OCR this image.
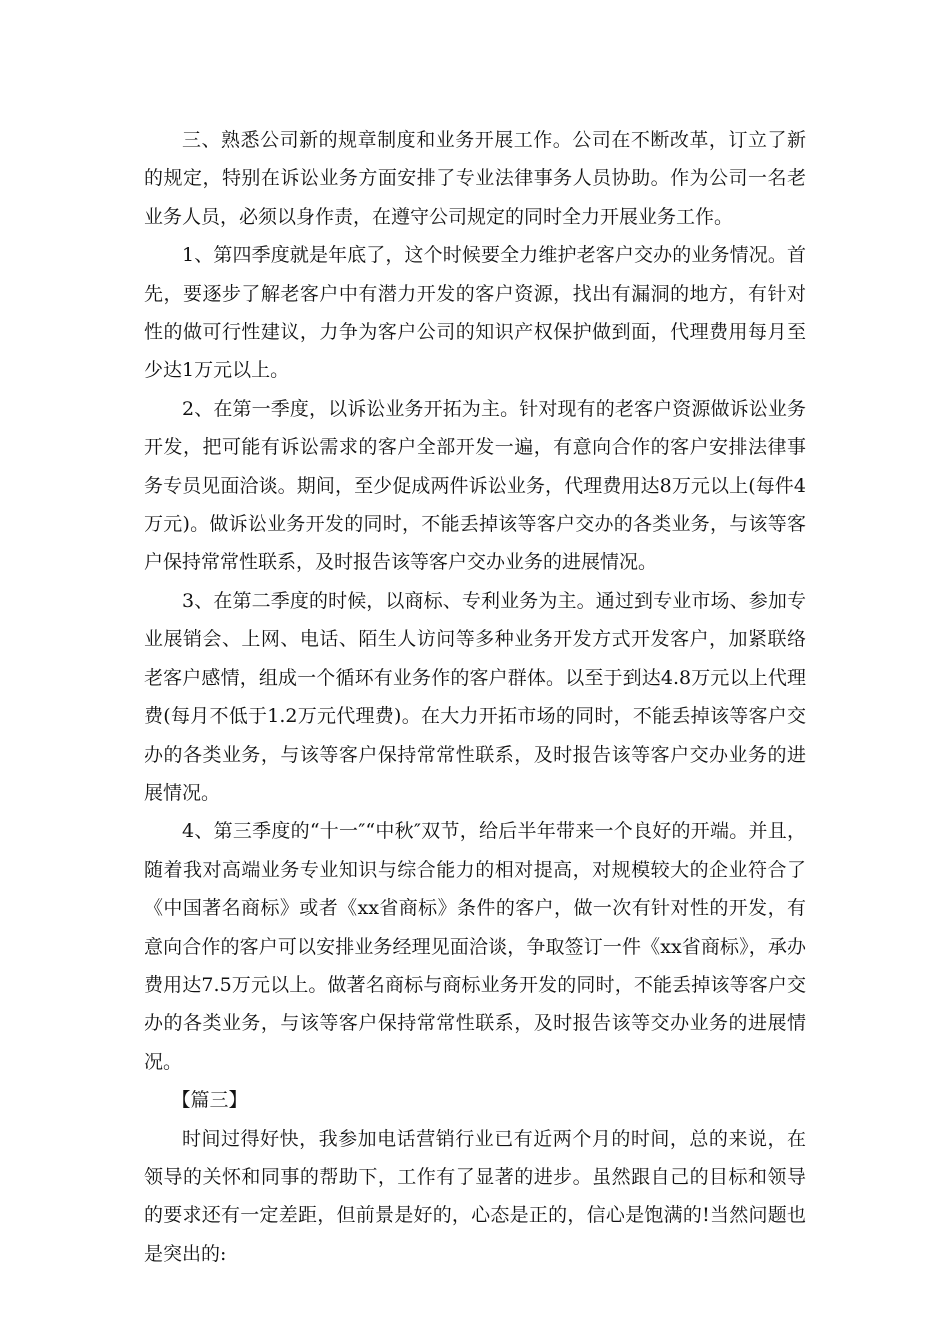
三、熟悉公司新的规章制度和业务开展工作。公司在不断改革，订立了新的规定，特别在诉讼业务方面安排了专业法律事务人员协助。作为公司一名老业务人员，必须以身作责，在遵守公司规定的同时全力开展业务工作。

1、第四季度就是年底了，这个时候要全力维护老客户交办的业务情况。首先，要逐步了解老客户中有潜力开发的客户资源，找出有漏洞的地方，有针对性的做可行性建议，力争为客户公司的知识产权保护做到面，代理费用每月至少达1万元以上。

2、在第一季度，以诉讼业务开拓为主。针对现有的老客户资源做诉讼业务开发，把可能有诉讼需求的客户全部开发一遍，有意向合作的客户安排法律事务专员见面洽谈。期间，至少促成两件诉讼业务，代理费用达8万元以上(每件4万元)。做诉讼业务开发的同时，不能丢掉该等客户交办的各类业务，与该等客户保持常常性联系，及时报告该等客户交办业务的进展情况。

3、在第二季度的时候，以商标、专利业务为主。通过到专业市场、参加专业展销会、上网、电话、陌生人访问等多种业务开发方式开发客户，加紧联络老客户感情，组成一个循环有业务作的客户群体。以至于到达4.8万元以上代理费(每月不低于1.2万元代理费)。在大力开拓市场的同时，不能丢掉该等客户交办的各类业务，与该等客户保持常常性联系，及时报告该等客户交办业务的进展情况。

4、第三季度的“十一″“中秋″双节，给后半年带来一个良好的开端。并且，随着我对高端业务专业知识与综合能力的相对提高，对规模较大的企业符合了《中国著名商标》或者《xx省商标》条件的客户，做一次有针对性的开发，有意向合作的客户可以安排业务经理见面洽谈，争取签订一件《xx省商标》，承办费用达7.5万元以上。做著名商标与商标业务开发的同时，不能丢掉该等客户交办的各类业务，与该等客户保持常常性联系，及时报告该等交办业务的进展情况。

【篇三】

时间过得好快，我参加电话营销行业已有近两个月的时间，总的来说，在领导的关怀和同事的帮助下，工作有了显著的进步。虽然跟自己的目标和领导的要求还有一定差距，但前景是好的，心态是正的，信心是饱满的!当然问题也是突出的:
